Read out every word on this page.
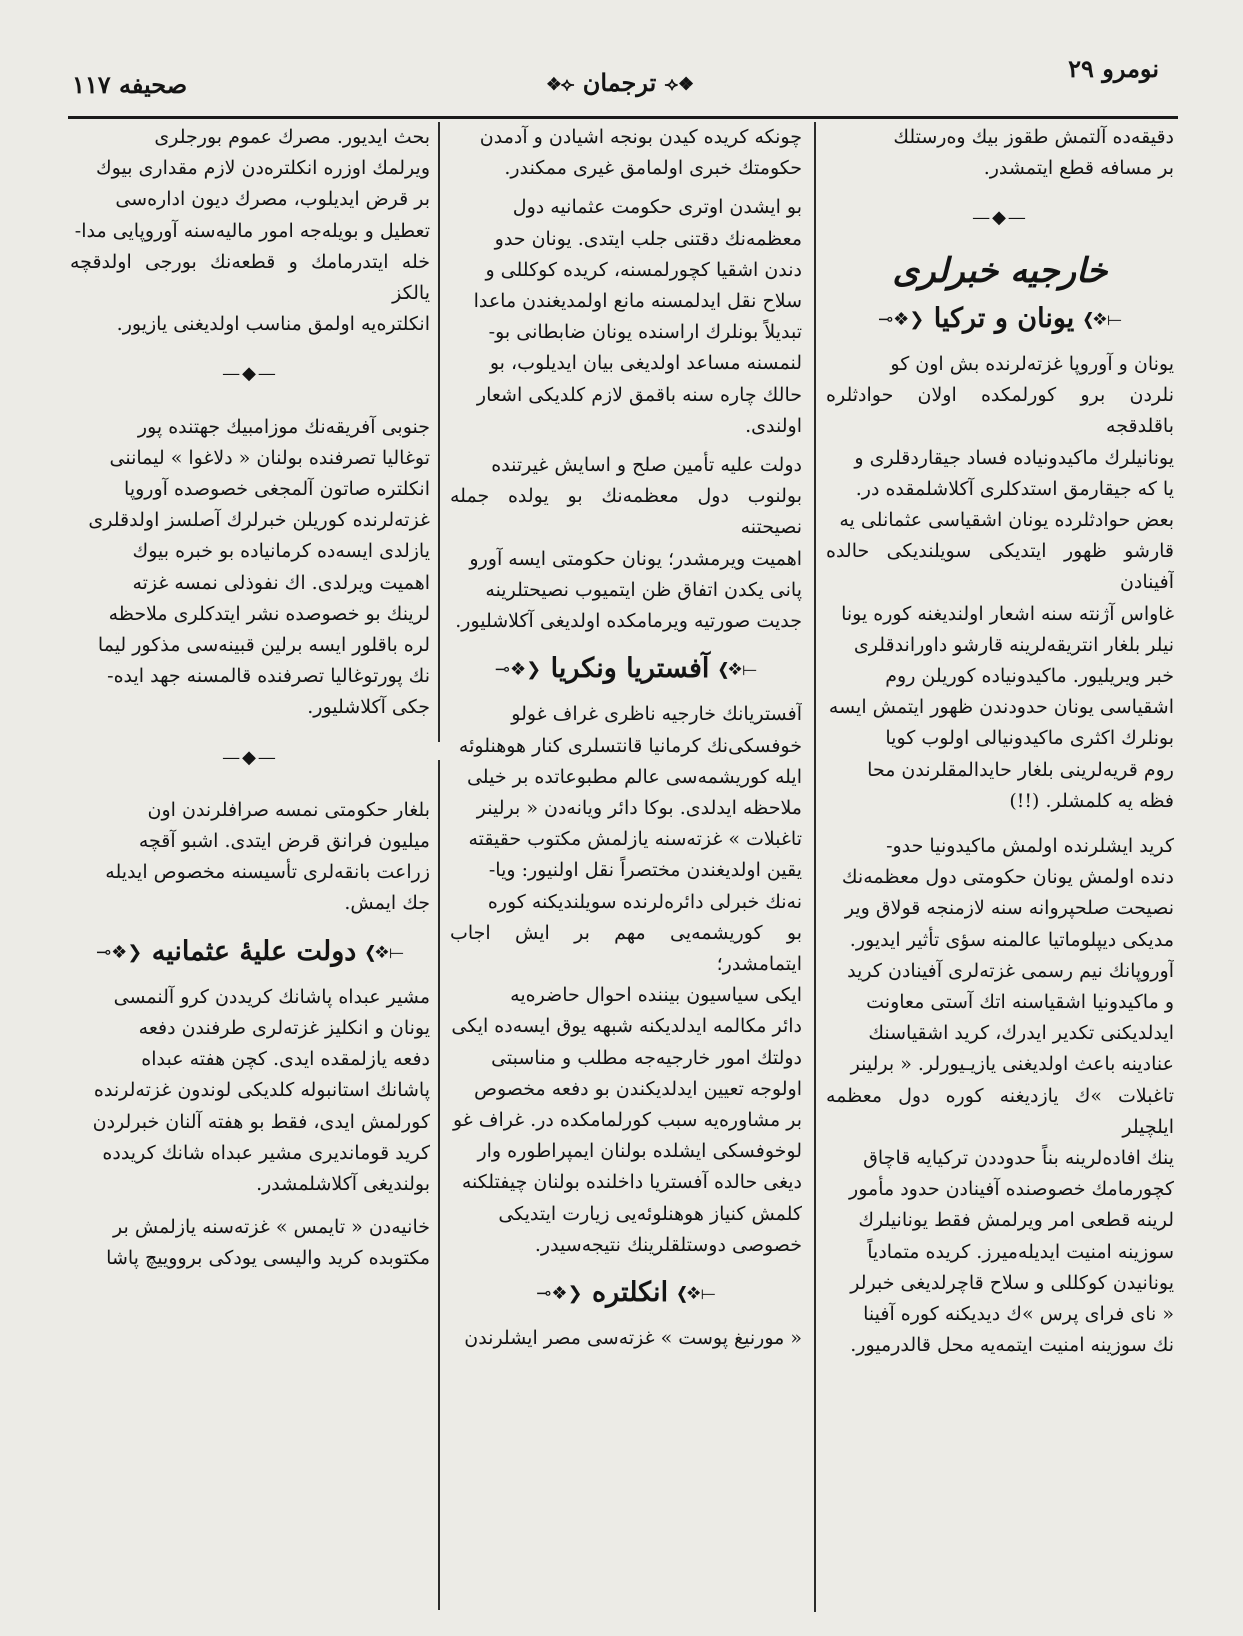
نومرو ۲۹
❖⟣ ترجمان ⟢❖
صحیفه ۱۱۷

دقیقه‌ده آلتمش طقوز بیك وه‌رستلك

بر مسافه قطع ایتمشدر.

—◆—
خارجیه خبرلری
⟞❖❯ یونان و ترکیا ❮❖⟜

یونان و آوروپا غزته‌لرنده بش اون کو

نلردن برو کورلمکده اولان حوادثلره باقلدقجه

یونانیلرك ماکیدونیاده فساد جیقاردقلری و

یا که جیقارمق استدکلری آکلاشلمقده در.

بعض حوادثلرده یونان اشقیاسی عثمانلی یه

قارشو ظهور ایتدیکی سویلندیکی حالده آفینادن

غاواس آژنته سنه اشعار اولندیغنه کوره یونا

نیلر بلغار انتریقه‌لرینه قارشو داوراندقلری

خبر ویریلیور. ماکیدونیاده کوریلن روم

اشقیاسی یونان حدودندن ظهور ایتمش ایسه

بونلرك اکثری ماکیدونیالی اولوب کویا

روم قریه‌لرینی بلغار حایدالمقلرندن محا

فظه یه کلمشلر. (!!)

کرید ایشلرنده اولمش ماکیدونیا حدو-

دنده اولمش یونان حکومتی دول معظمه‌نك

نصیحت صلحپروانه سنه لازمنجه قولاق ویر

مدیکی دیپلوماتیا عالمنه سؤی تأثیر ایدیور.

آوروپانك نیم رسمی غزته‌لری آفینادن کرید

و ماکیدونیا اشقیاسنه اتك آستی معاونت

ایدلدیکنی تکدیر ایدرك، کرید اشقیاسنك

عنادینه باعث اولدیغنی یازیـیورلر. « برلینر

تاغبلات »ك یازدیغنه کوره دول معظمه ایلچیلر

ینك افاده‌لرینه بناً حدوددن ترکیایه قاچاق

کچورمامك خصوصنده آفینادن حدود مأمور

لرینه قطعی امر ویرلمش فقط یونانیلرك

سوزینه امنیت ایدیله‌میرز. کریده متمادیاً

یونانیدن کوکللی و سلاح قاچرلدیغی خبرلر

« نای فرای پرس »ك دیدیکنه کوره آفینا

نك سوزینه امنیت ایتمه‌یه محل قالدرمیور.

چونکه کریده کیدن بونجه اشیادن و آدمدن

حکومتك خبری اولمامق غیری ممکندر.

بو ایشدن اوتری حکومت عثمانیه دول

معظمه‌نك دقتنی جلب ایتدی. یونان حدو

دندن اشقیا کچورلمسنه، کریده کوکللی و

سلاح نقل ایدلمسنه مانع اولمدیغندن ماعدا

تبدیلاً بونلرك اراسنده یونان ضابطانی بو-

لنمسنه مساعد اولدیغی بیان ایدیلوب، بو

حالك چاره سنه باقمق لازم کلدیکی اشعار

اولندی.

دولت علیه تأمین صلح و اسایش غیرتنده

بولنوب دول معظمه‌نك بو یولده جمله نصیحتنه

اهمیت ویرمشدر؛ یونان حکومتی ایسه آورو

پانی یکدن اتفاق ظن ایتمیوب نصیحتلرینه

جدیت صورتیه ویرمامکده اولدیغی آکلاشلیور.

⟞❖❯ آفستریا ونکریا ❮❖⟜

آفستریانك خارجیه ناظری غراف غولو

خوفسکی‌نك کرمانیا قانتسلری کنار هوهنلوئه

ایله کوریشمه‌سی عالم مطبوعاتده بر خیلی

ملاحظه ایدلدی. بوکا دائر ویانه‌دن « برلینر

تاغبلات » غزته‌سنه یازلمش مکتوب حقیقته

یقین اولدیغندن مختصراً نقل اولنیور: ویا-

نه‌نك خبرلی دائره‌لرنده سویلندیکنه کوره

بو کوریشمه‌یی مهم بر ایش اجاب ایتمامشدر؛

ایکی سیاسیون بیننده احوال حاضره‌یه

دائر مکالمه ایدلدیکنه شبهه یوق ایسه‌ده ایکی

دولتك امور خارجیه‌جه مطلب و مناسبتی

اولوجه تعیین ایدلدیکندن بو دفعه مخصوص

بر مشاوره‌یه سبب کورلمامکده در. غراف غو

لوخوفسکی ایشلده بولنان ایمپراطوره وار

دیغی حالده آفستریا داخلنده بولنان چیفتلکنه

کلمش کنیاز هوهنلوئه‌یی زیارت ایتدیکی

خصوصی دوستلقلرینك نتیجه‌سیدر.

⟞❖❯ انکلتره ❮❖⟜

« مورنیغ پوست » غزته‌سی مصر ایشلرندن

بحث ایدیور. مصرك عموم بورجلری

ویرلمك اوزره انکلتره‌دن لازم مقداری بیوك

بر قرض ایدیلوب، مصرك دیون اداره‌سی

تعطیل و بویله‌جه امور مالیه‌سنه آوروپایی مدا-

خله ایتدرمامك و قطعه‌نك بورجی اولدقچه یالکز

انکلتره‌یه اولمق مناسب اولدیغنی یازیور.

—◆—

جنوبی آفریقه‌نك موزامبیك جهتنده پور

توغالیا تصرفنده بولنان « دلاغوا » لیماننی

انکلتره صاتون آلمجغی خصوصده آوروپا

غزته‌لرنده کوریلن خبرلرك آصلسز اولدقلری

یازلدی ایسه‌ده کرمانیاده بو خبره بیوك

اهمیت ویرلدی. اك نفوذلی نمسه غزته

لرینك بو خصوصده نشر ایتدکلری ملاحظه

لره باقلور ایسه برلین قبینه‌سی مذکور لیما

نك پورتوغالیا تصرفنده قالمسنه جهد ایده-

جکی آکلاشلیور.

—◆—

بلغار حکومتی نمسه صرافلرندن اون

میلیون فرانق قرض ایتدی. اشبو آقچه

زراعت بانقه‌لری تأسیسنه مخصوص ایدیله

جك ایمش.

⟞❖❯ دولت علیهٔ عثمانیه ❮❖⟜

مشیر عبداه پاشانك کریددن کرو آلنمسی

یونان و انکلیز غزته‌لری طرفندن دفعه

دفعه یازلمقده ایدی. کچن هفته عبداه

پاشانك استانبوله کلدیکی لوندون غزته‌لرنده

کورلمش ایدی، فقط بو هفته آلنان خبرلردن

کرید قوماندیری مشیر عبداه شانك کریدده

بولندیغی آکلاشلمشدر.

خانیه‌دن « تایمس » غزته‌سنه یازلمش بر

مکتوبده کرید والیسی یودکی برووییچ پاشا
